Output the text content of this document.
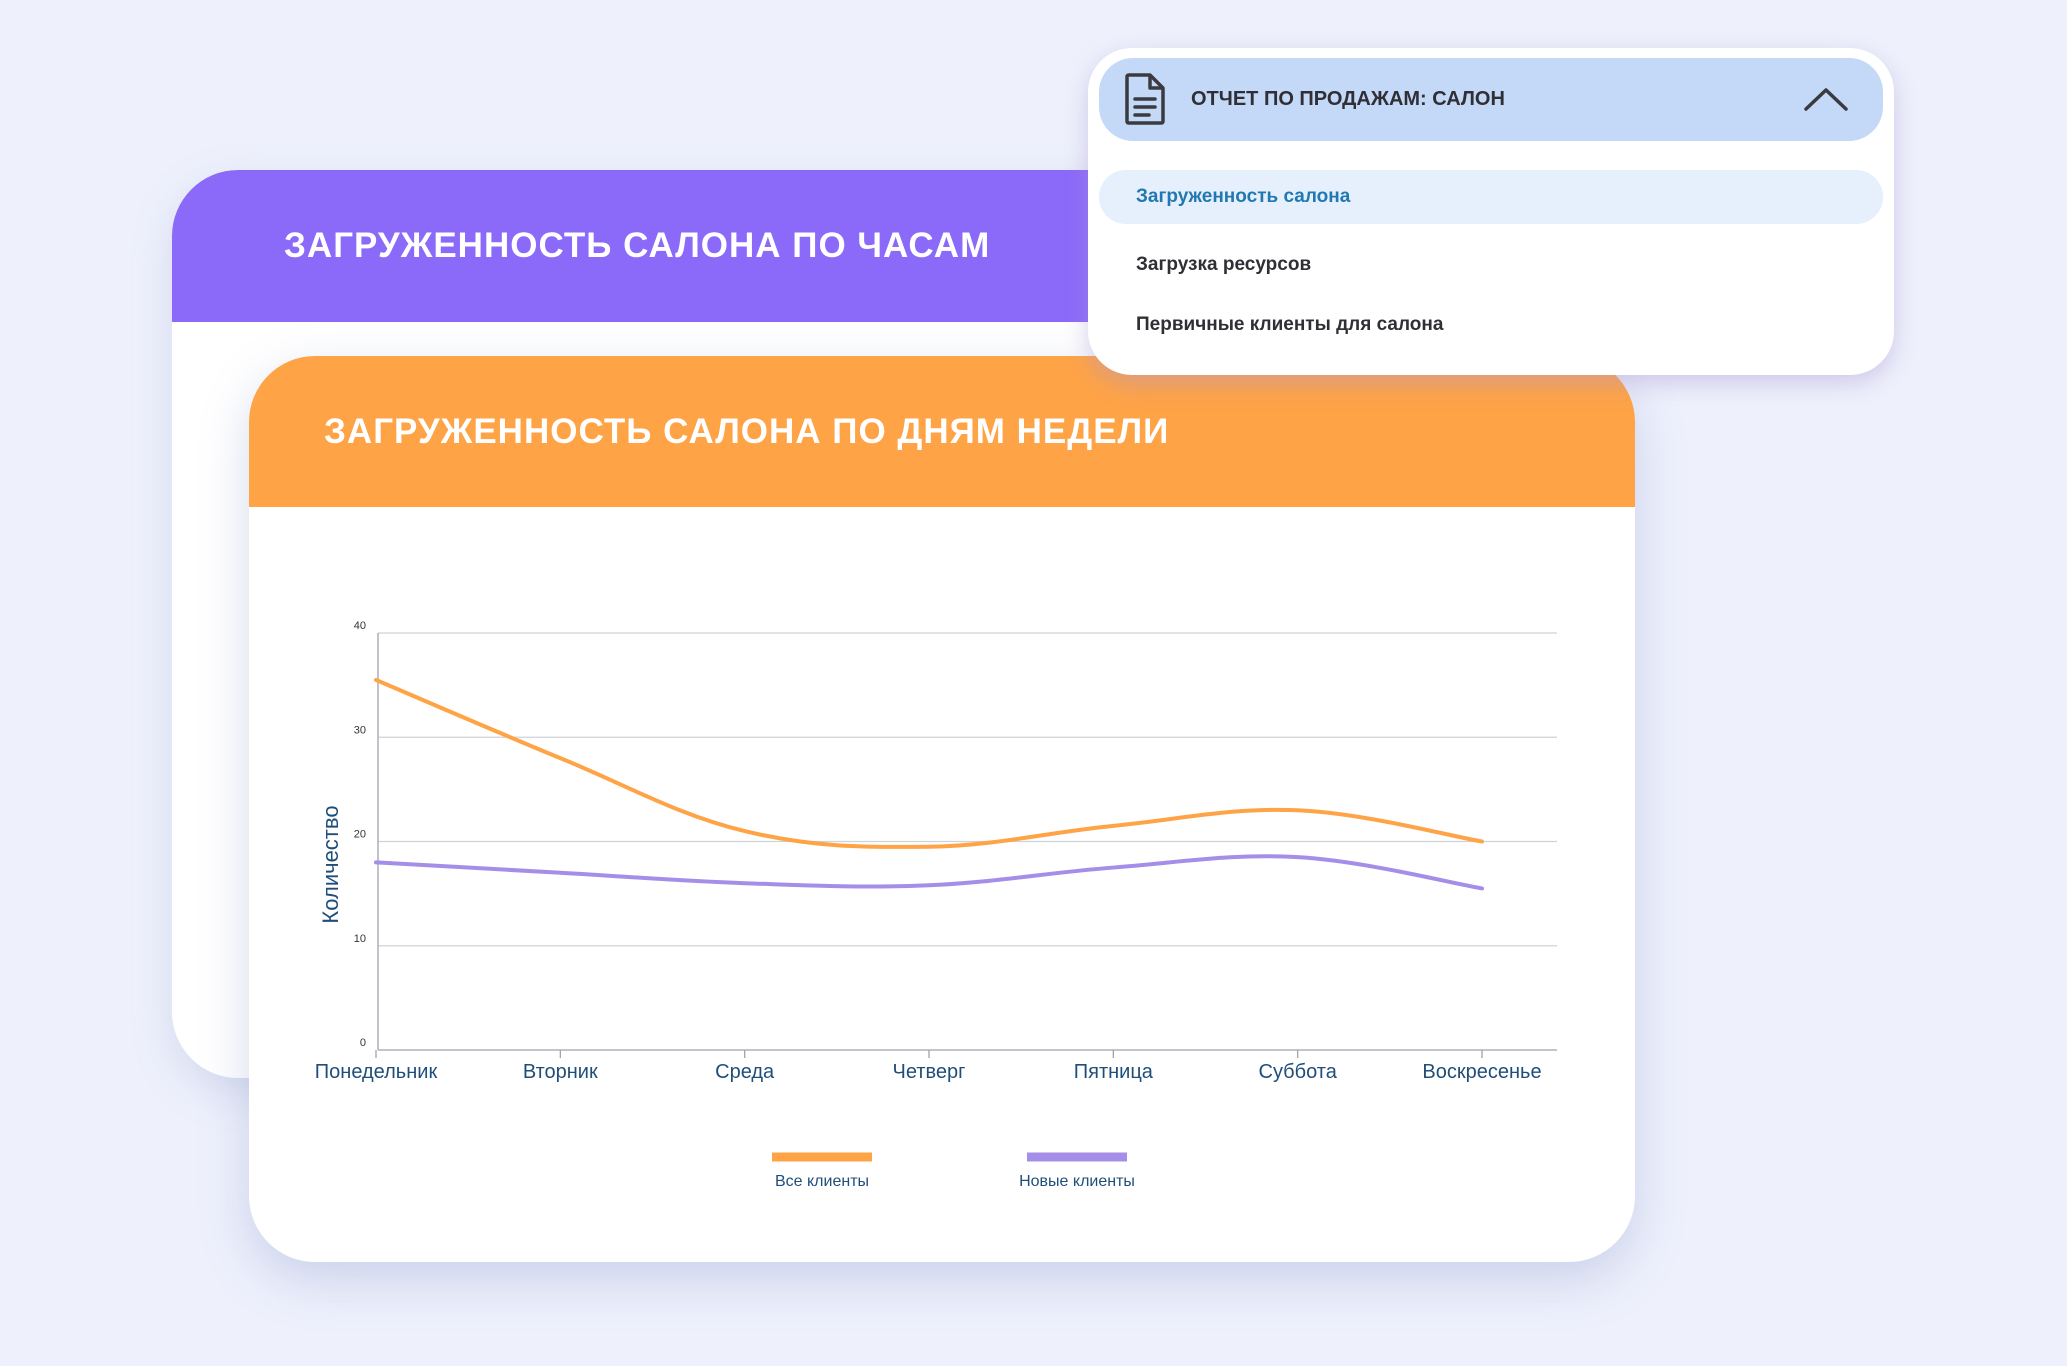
ЗАГРУЖЕННОСТЬ САЛОНА ПО ЧАСАМ
ЗАГРУЖЕННОСТЬ САЛОНА ПО ДНЯМ НЕДЕЛИ
0
10
20
30
40
Понедельник	Вторник	Среда	Четверг	Пятница	Суббота	Воскресенье
Количество
Все клиенты	Новые клиенты
ОТЧЕТ ПО ПРОДАЖАМ: САЛОН
Загруженность салона
Загрузка ресурсов
Первичные клиенты для салона
